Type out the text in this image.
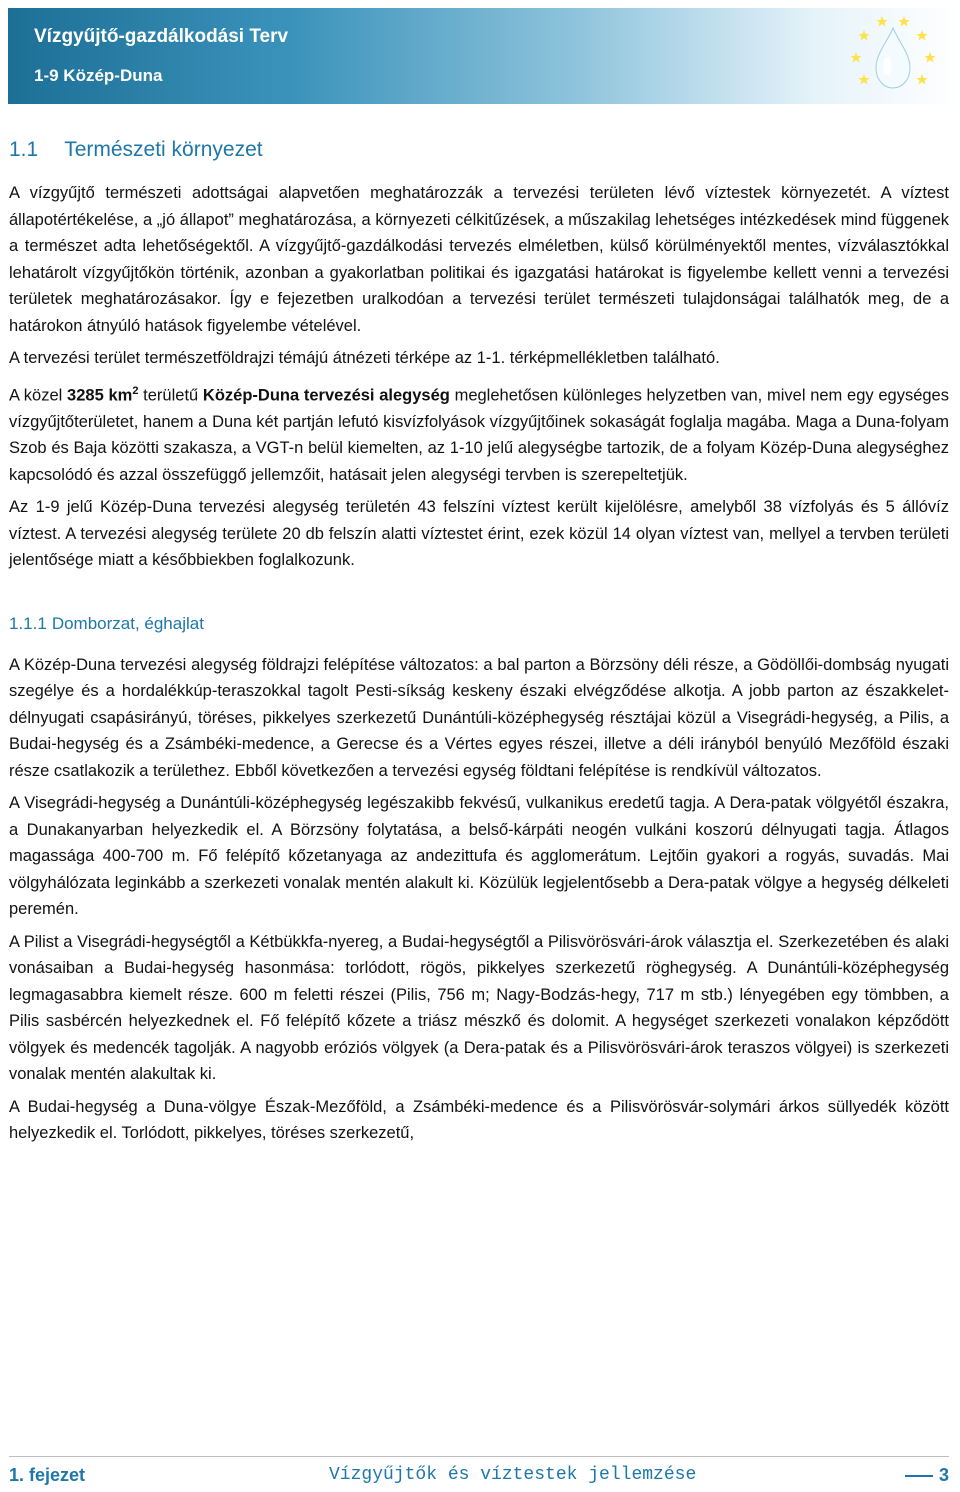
Vízgyűjtő-gazdálkodási Terv
1-9 Közép-Duna
1.1 Természeti környezet

A vízgyűjtő természeti adottságai alapvetően meghatározzák a tervezési területen lévő víztestek környezetét. A víztest állapotértékelése, a „jó állapot” meghatározása, a környezeti célkitűzések, a műszakilag lehetséges intézkedések mind függenek a természet adta lehetőségektől. A vízgyűjtő-gazdálkodási tervezés elméletben, külső körülményektől mentes, vízválasztókkal lehatárolt vízgyűjtőkön történik, azonban a gyakorlatban politikai és igazgatási határokat is figyelembe kellett venni a tervezési területek meghatározásakor. Így e fejezetben uralkodóan a tervezési terület természeti tulajdonságai találhatók meg, de a határokon átnyúló hatások figyelembe vételével.

A tervezési terület természetföldrajzi témájú átnézeti térképe az 1-1. térképmellékletben található.

A közel 3285 $km^2$ területű Közép-Duna tervezési alegység meglehetősen különleges helyzetben van, mivel nem egy egységes vízgyűjtőterületet, hanem a Duna két partján lefutó kisvízfolyások vízgyűjtőinek sokaságát foglalja magába. Maga a Duna-folyam Szob és Baja közötti szakasza, a VGT-n belül kiemelten, az 1-10 jelű alegységbe tartozik, de a folyam Közép-Duna alegységhez kapcsolódó és azzal összefüggő jellemzőit, hatásait jelen alegységi tervben is szerepeltetjük.

Az 1-9 jelű Közép-Duna tervezési alegység területén 43 felszíni víztest került kijelölésre, amelyből 38 vízfolyás és 5 állóvíz víztest. A tervezési alegység területe 20 db felszín alatti víztestet érint, ezek közül 14 olyan víztest van, mellyel a tervben területi jelentősége miatt a későbbiekben foglalkozunk.

1.1.1 Domborzat, éghajlat

A Közép-Duna tervezési alegység földrajzi felépítése változatos: a bal parton a Börzsöny déli része, a Gödöllői-dombság nyugati szegélye és a hordalékkúp-teraszokkal tagolt Pesti-síkság keskeny északi elvégződése alkotja. A jobb parton az északkelet-délnyugati csapásirányú, töréses, pikkelyes szerkezetű Dunántúli-középhegység résztájai közül a Visegrádi-hegység, a Pilis, a Budai-hegység és a Zsámbéki-medence, a Gerecse és a Vértes egyes részei, illetve a déli irányból benyúló Mezőföld északi része csatlakozik a területhez. Ebből következően a tervezési egység földtani felépítése is rendkívül változatos.

A Visegrádi-hegység a Dunántúli-középhegység legészakibb fekvésű, vulkanikus eredetű tagja. A Dera-patak völgyétől északra, a Dunakanyarban helyezkedik el. A Börzsöny folytatása, a belső-kárpáti neogén vulkáni koszorú délnyugati tagja. Átlagos magassága 400-700 m. Fő felépítő kőzetanyaga az andezittufa és agglomerátum. Lejtőin gyakori a rogyás, suvadás. Mai völgyhálózata leginkább a szerkezeti vonalak mentén alakult ki. Közülük legjelentősebb a Dera-patak völgye a hegység délkeleti peremén.

A Pilist a Visegrádi-hegységtől a Kétbükkfa-nyereg, a Budai-hegységtől a Pilisvörösvári-árok választja el. Szerkezetében és alaki vonásaiban a Budai-hegység hasonmása: torlódott, rögös, pikkelyes szerkezetű röghegység. A Dunántúli-középhegység legmagasabbra kiemelt része. 600 m feletti részei (Pilis, 756 m; Nagy-Bodzás-hegy, 717 m stb.) lényegében egy tömbben, a Pilis sasbércén helyezkednek el. Fő felépítő kőzete a triász mészkő és dolomit. A hegységet szerkezeti vonalakon képződött völgyek és medencék tagolják. A nagyobb eróziós völgyek (a Dera-patak és a Pilisvörösvári-árok teraszos völgyei) is szerkezeti vonalak mentén alakultak ki.

A Budai-hegység a Duna-völgye Észak-Mezőföld, a Zsámbéki-medence és a Pilisvörösvár-solymári árkos süllyedék között helyezkedik el. Torlódott, pikkelyes, töréses szerkezetű,

1. fejezet	Vízgyűjtők és víztestek jellemzése	3
